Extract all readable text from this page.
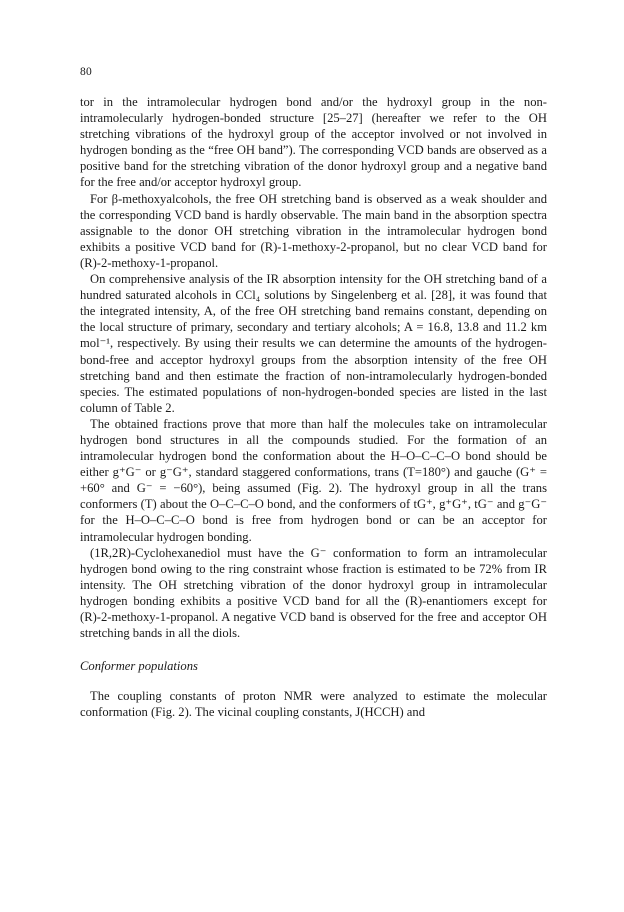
80

tor in the intramolecular hydrogen bond and/or the hydroxyl group in the non-intramolecularly hydrogen-bonded structure [25–27] (hereafter we refer to the OH stretching vibrations of the hydroxyl group of the acceptor involved or not involved in hydrogen bonding as the “free OH band”). The corresponding VCD bands are observed as a positive band for the stretching vibration of the donor hydroxyl group and a negative band for the free and/or acceptor hydroxyl group.

For β-methoxyalcohols, the free OH stretching band is observed as a weak shoulder and the corresponding VCD band is hardly observable. The main band in the absorption spectra assignable to the donor OH stretching vibration in the intramolecular hydrogen bond exhibits a positive VCD band for (R)-1-methoxy-2-propanol, but no clear VCD band for (R)-2-methoxy-1-propanol.

On comprehensive analysis of the IR absorption intensity for the OH stretching band of a hundred saturated alcohols in CCl₄ solutions by Singelenberg et al. [28], it was found that the integrated intensity, A, of the free OH stretching band remains constant, depending on the local structure of primary, secondary and tertiary alcohols; A = 16.8, 13.8 and 11.2 km mol⁻¹, respectively. By using their results we can determine the amounts of the hydrogen-bond-free and acceptor hydroxyl groups from the absorption intensity of the free OH stretching band and then estimate the fraction of non-intramolecularly hydrogen-bonded species. The estimated populations of non-hydrogen-bonded species are listed in the last column of Table 2.

The obtained fractions prove that more than half the molecules take on intramolecular hydrogen bond structures in all the compounds studied. For the formation of an intramolecular hydrogen bond the conformation about the H–O–C–C–O bond should be either g⁺G⁻ or g⁻G⁺, standard staggered conformations, trans (T=180°) and gauche (G⁺ = +60° and G⁻ = −60°), being assumed (Fig. 2). The hydroxyl group in all the trans conformers (T) about the O–C–C–O bond, and the conformers of tG⁺, g⁺G⁺, tG⁻ and g⁻G⁻ for the H–O–C–C–O bond is free from hydrogen bond or can be an acceptor for intramolecular hydrogen bonding.

(1R,2R)-Cyclohexanediol must have the G⁻ conformation to form an intramolecular hydrogen bond owing to the ring constraint whose fraction is estimated to be 72% from IR intensity. The OH stretching vibration of the donor hydroxyl group in intramolecular hydrogen bonding exhibits a positive VCD band for all the (R)-enantiomers except for (R)-2-methoxy-1-propanol. A negative VCD band is observed for the free and acceptor OH stretching bands in all the diols.

Conformer populations

The coupling constants of proton NMR were analyzed to estimate the molecular conformation (Fig. 2). The vicinal coupling constants, J(HCCH) and
